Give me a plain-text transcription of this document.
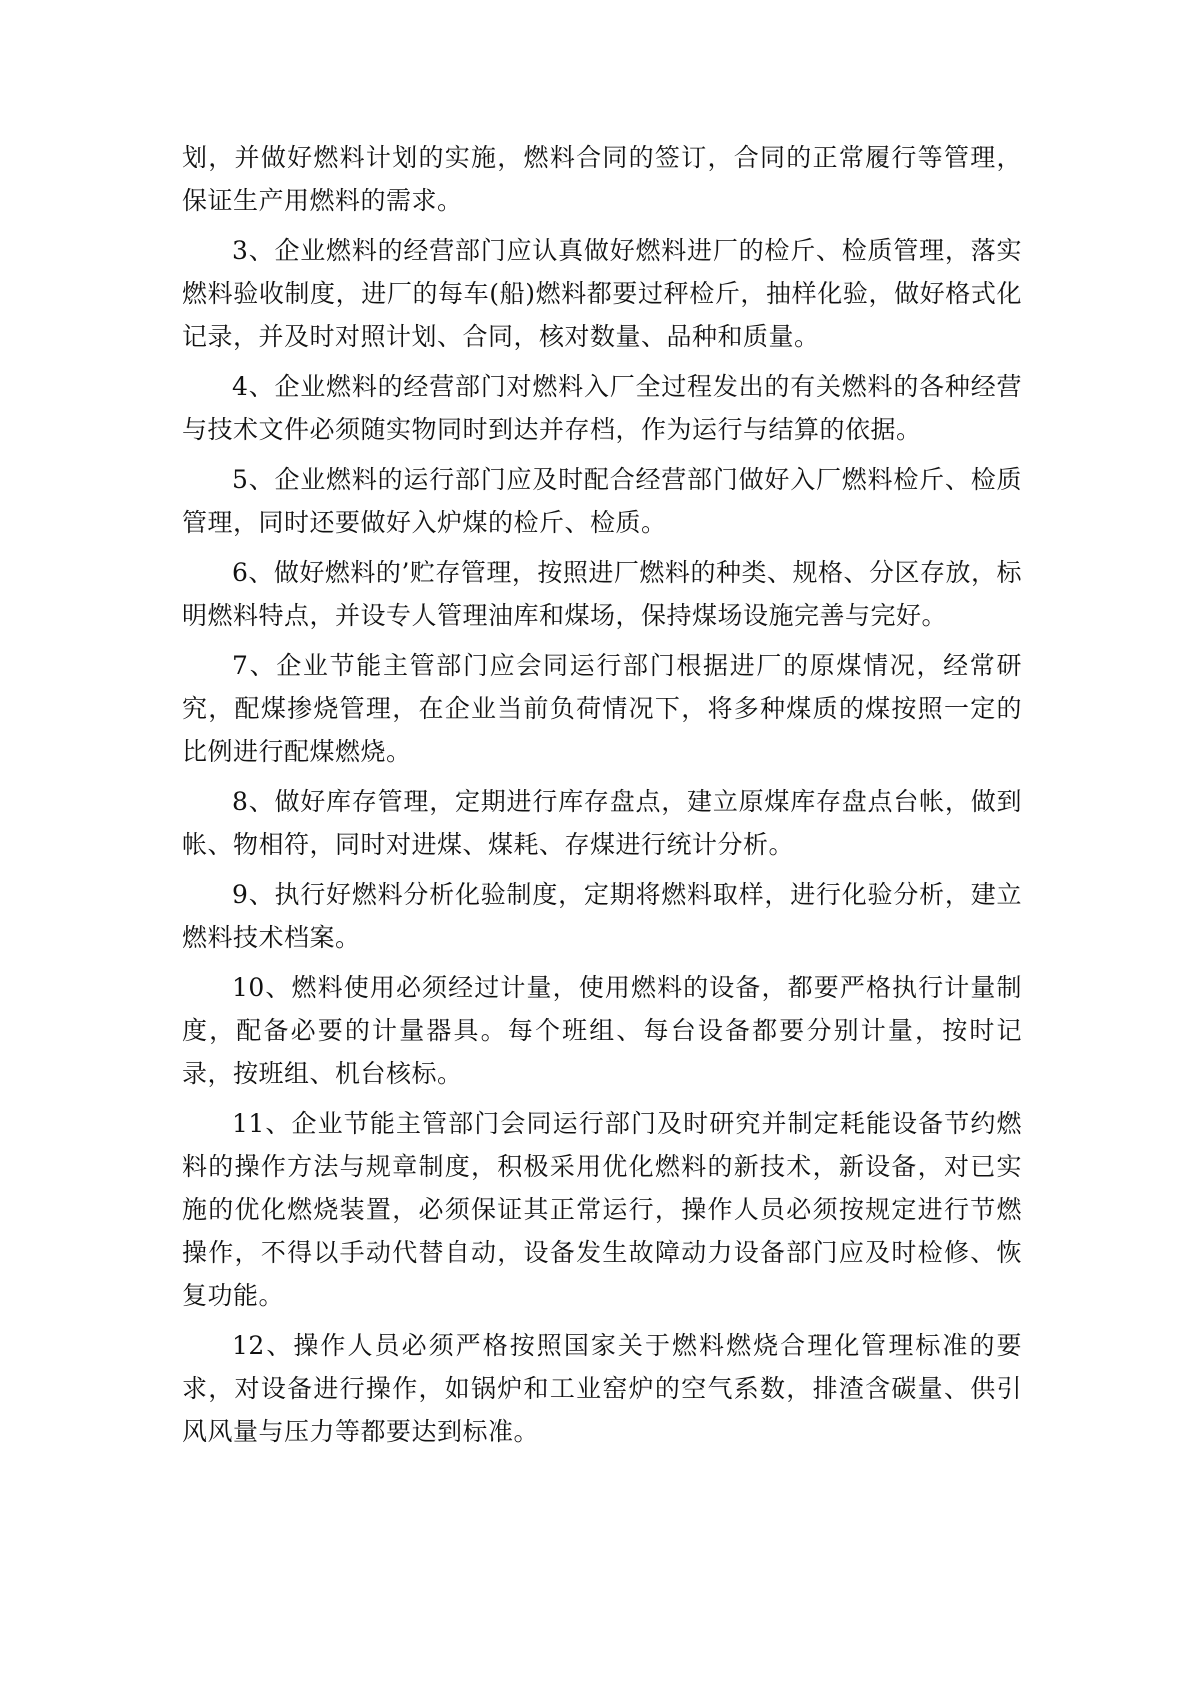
划，并做好燃料计划的实施，燃料合同的签订，合同的正常履行等管理，保证生产用燃料的需求。

3、企业燃料的经营部门应认真做好燃料进厂的检斤、检质管理，落实燃料验收制度，进厂的每车(船)燃料都要过秤检斤，抽样化验，做好格式化记录，并及时对照计划、合同，核对数量、品种和质量。

4、企业燃料的经营部门对燃料入厂全过程发出的有关燃料的各种经营与技术文件必须随实物同时到达并存档，作为运行与结算的依据。

5、企业燃料的运行部门应及时配合经营部门做好入厂燃料检斤、检质管理，同时还要做好入炉煤的检斤、检质。

6、做好燃料的’贮存管理，按照进厂燃料的种类、规格、分区存放，标明燃料特点，并设专人管理油库和煤场，保持煤场设施完善与完好。

7、企业节能主管部门应会同运行部门根据进厂的原煤情况，经常研究，配煤掺烧管理，在企业当前负荷情况下，将多种煤质的煤按照一定的比例进行配煤燃烧。

8、做好库存管理，定期进行库存盘点，建立原煤库存盘点台帐，做到帐、物相符，同时对进煤、煤耗、存煤进行统计分析。

9、执行好燃料分析化验制度，定期将燃料取样，进行化验分析，建立燃料技术档案。

10、燃料使用必须经过计量，使用燃料的设备，都要严格执行计量制度，配备必要的计量器具。每个班组、每台设备都要分别计量，按时记录，按班组、机台核标。

11、企业节能主管部门会同运行部门及时研究并制定耗能设备节约燃料的操作方法与规章制度，积极采用优化燃料的新技术，新设备，对已实施的优化燃烧装置，必须保证其正常运行，操作人员必须按规定进行节燃操作，不得以手动代替自动，设备发生故障动力设备部门应及时检修、恢复功能。

12、操作人员必须严格按照国家关于燃料燃烧合理化管理标准的要求，对设备进行操作，如锅炉和工业窑炉的空气系数，排渣含碳量、供引风风量与压力等都要达到标准。
